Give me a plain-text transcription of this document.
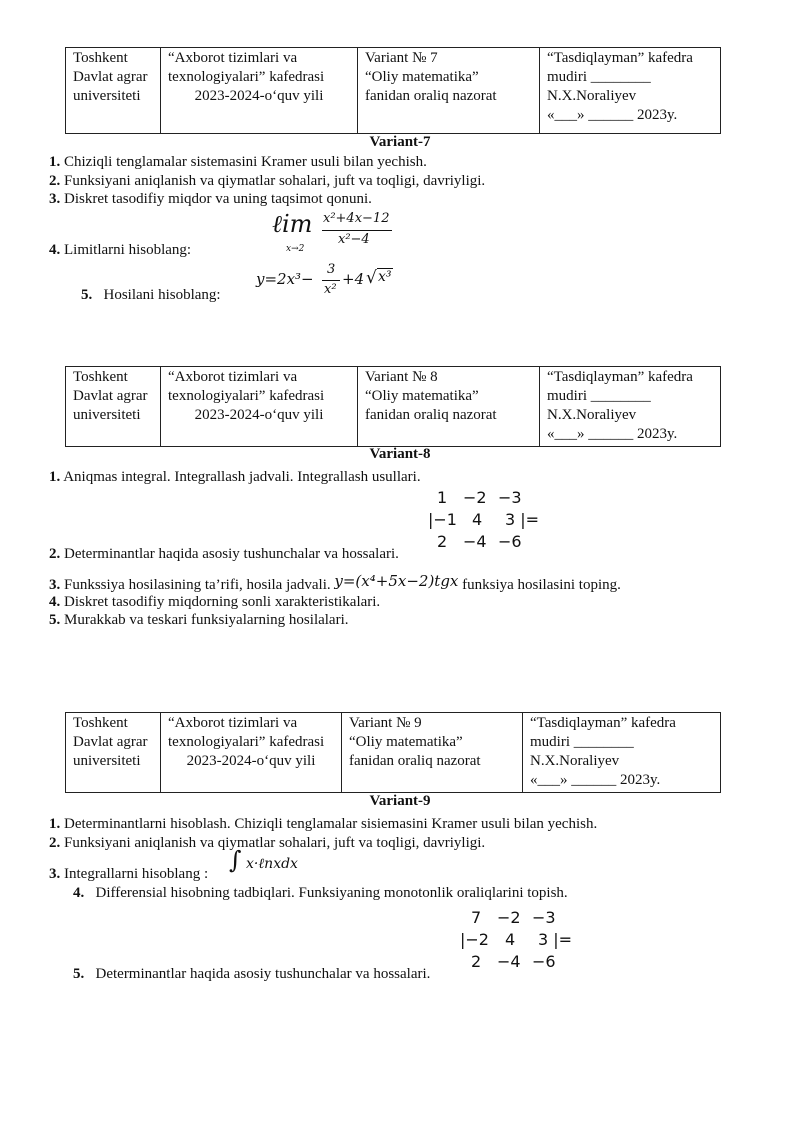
Toshkent
Davlat agrar
universiteti

“Axborot tizimlari va
texnologiyalari” kafedrasi
2023-2024-o‘quv yili

Variant № 7
“Oliy matematika”
fanidan oraliq nazorat

“Tasdiqlayman” kafedra
mudiri ________
N.X.Noraliyev
«___» ______ 2023y.
Variant-7
1. Chiziqli tenglamalar sistemasini Kramer usuli bilan yechish.
2. Funksiyani aniqlanish va qiymatlar sohalari, juft va toqligi, davriyligi.
3. Diskret tasodifiy miqdor va uning taqsimot qonuni.
4. Limitlarni hisoblang:
ℓim
x→2
x²+4x−12
x²−4
5. Hosilani hisoblang:
y=2x³−
3
x²
+4 √ x³
Toshkent
Davlat agrar
universiteti

“Axborot tizimlari va
texnologiyalari” kafedrasi
2023-2024-o‘quv yili

Variant № 8
“Oliy matematika”
fanidan oraliq nazorat

“Tasdiqlayman” kafedra
mudiri ________
N.X.Noraliyev
«___» ______ 2023y.
Variant-8
1. Aniqmas integral. Integrallash jadvali. Integrallash usullari.
1 −2 −3
|−1 4 3 |=
2 −4 −6
2. Determinantlar haqida asosiy tushunchalar va hossalari.
3. Funkssiya hosilasining ta’rifi, hosila jadvali. y=(x⁴+5x−2)tgx funksiya hosilasini toping.
4. Diskret tasodifiy miqdorning sonli xarakteristikalari.
5. Murakkab va teskari funksiyalarning hosilalari.
Toshkent
Davlat agrar
universiteti

“Axborot tizimlari va
texnologiyalari” kafedrasi
2023-2024-o‘quv yili

Variant № 9
“Oliy matematika”
fanidan oraliq nazorat

“Tasdiqlayman” kafedra
mudiri ________
N.X.Noraliyev
«___» ______ 2023y.
Variant-9
1. Determinantlarni hisoblash. Chiziqli tenglamalar sisiemasini Kramer usuli bilan yechish.
2. Funksiyani aniqlanish va qiymatlar sohalari, juft va toqligi, davriyligi.
3. Integrallarni hisoblang : ∫ x·ℓnxdx
4. Differensial hisobning tadbiqlari. Funksiyaning monotonlik oraliqlarini topish.
7 −2 −3
|−2 4 3 |=
2 −4 −6
5. Determinantlar haqida asosiy tushunchalar va hossalari.
